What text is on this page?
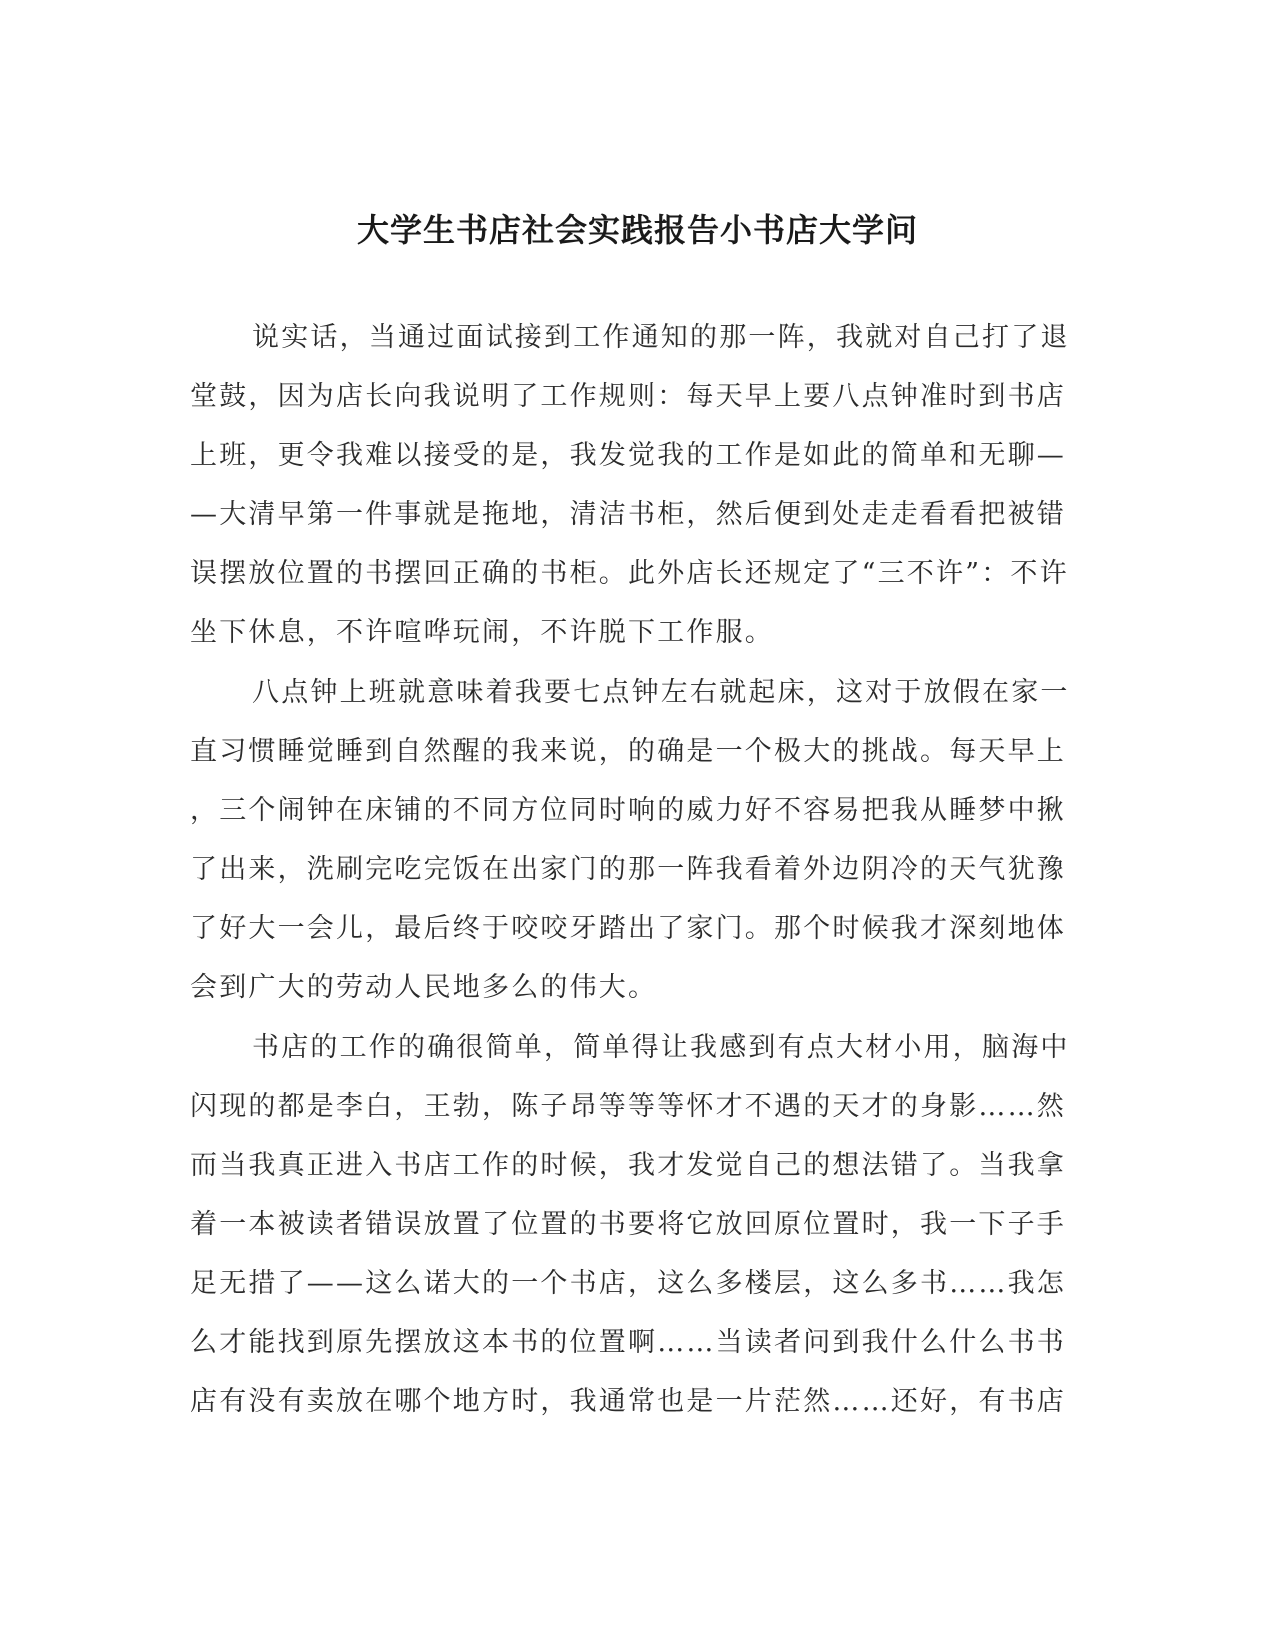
大学生书店社会实践报告小书店大学问
说实话，当通过面试接到工作通知的那一阵，我就对自己打了退
堂鼓，因为店长向我说明了工作规则：每天早上要八点钟准时到书店
上班，更令我难以接受的是，我发觉我的工作是如此的简单和无聊—
—大清早第一件事就是拖地，清洁书柜，然后便到处走走看看把被错
误摆放位置的书摆回正确的书柜。此外店长还规定了“三不许”：不许
坐下休息，不许喧哗玩闹，不许脱下工作服。
八点钟上班就意味着我要七点钟左右就起床，这对于放假在家一
直习惯睡觉睡到自然醒的我来说，的确是一个极大的挑战。每天早上
，三个闹钟在床铺的不同方位同时响的威力好不容易把我从睡梦中揪
了出来，洗刷完吃完饭在出家门的那一阵我看着外边阴冷的天气犹豫
了好大一会儿，最后终于咬咬牙踏出了家门。那个时候我才深刻地体
会到广大的劳动人民地多么的伟大。
书店的工作的确很简单，简单得让我感到有点大材小用，脑海中
闪现的都是李白，王勃，陈子昂等等等怀才不遇的天才的身影……然
而当我真正进入书店工作的时候，我才发觉自己的想法错了。当我拿
着一本被读者错误放置了位置的书要将它放回原位置时，我一下子手
足无措了——这么诺大的一个书店，这么多楼层，这么多书……我怎
么才能找到原先摆放这本书的位置啊……当读者问到我什么什么书书
店有没有卖放在哪个地方时，我通常也是一片茫然……还好，有书店
